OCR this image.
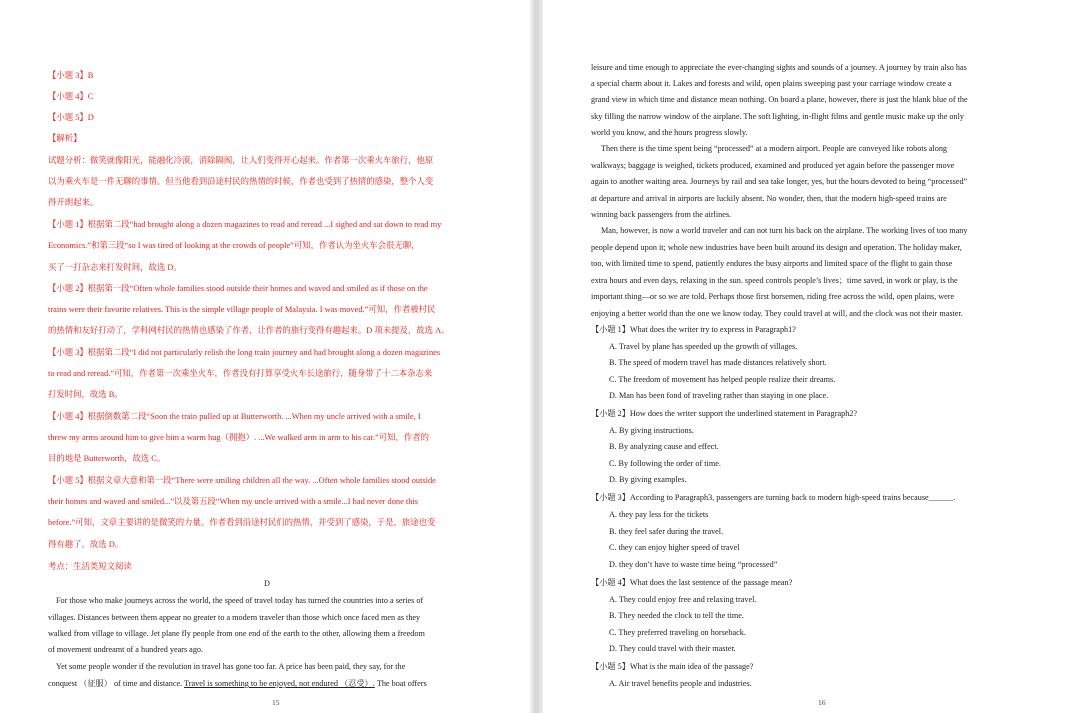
【小题 3】B
【小题 4】C
【小题 5】D
【解析】
试题分析：微笑就像阳光，能融化冷漠，消除隔阂，让人们变得开心起来。作者第一次乘火车旅行，他原
以为乘火车是一件无聊的事情。但当他看到沿途村民的热情的时候，作者也受到了热情的感染，整个人变
得开朗起来。
【小题 1】根据第二段“had brought along a dozen magazines to read and reread ...I sighed and sat down to read my
Economics.”和第三段“so I was tired of looking at the crowds of people”可知，作者认为坐火车会很无聊，
买了一打杂志来打发时间，故选 D。
【小题 2】根据第一段“Often whole families stood outside their homes and waved and smiled as if those on the
trains were their favorite relatives. This is the simple village people of Malaysia. I was moved.”可知，作者被村民
的热情和友好打动了，学科网村民的热情也感染了作者，让作者的旅行变得有趣起来。D 项未提及，故选 A。
【小题 3】根据第二段“I did not particularly relish the long train journey and had brought along a dozen magazines
to read and reread.”可知，作者第一次乘坐火车，作者没有打算享受火车长途旅行，随身带了十二本杂志来
打发时间，故选 B。
【小题 4】根据倒数第二段“Soon the train pulled up at Butterworth. ...When my uncle arrived with a smile, I
threw my arms around him to give him a warm hug（拥抱）. ...We walked arm in arm to his car.”可知，作者的
目的地是 Butterworth，故选 C。
【小题 5】根据文章大意和第一段“There were smiling children all the way. ...Often whole families stood outside
their homes and waved and smiled...”以及第五段“When my uncle arrived with a smile...I had never done this
before.”可知，文章主要讲的是微笑的力量。作者看到沿途村民们的热情，并受到了感染，于是，旅途也变
得有趣了。故选 D。
考点：生活类短文阅读
D
For those who make journeys across the world, the speed of travel today has turned the countries into a series of
villages. Distances between them appear no greater to a modern traveler than those which once faced men as they
walked from village to village. Jet plane fly people from one end of the earth to the other, allowing them a freedom
of movement undreamt of a hundred years ago.
Yet some people wonder if the revolution in travel has gone too far. A price has been paid, they say, for the
conquest （征服） of time and distance. Travel is something to be enjoyed, not endured （忍受）. The boat offers
15
leisure and time enough to appreciate the ever-changing sights and sounds of a journey. A journey by train also has
a special charm about it. Lakes and forests and wild, open plains sweeping past your carriage window create a
grand view in which time and distance mean nothing. On board a plane, however, there is just the blank blue of the
sky filling the narrow window of the airplane. The soft lighting, in-flight films and gentle music make up the only
world you know, and the hours progress slowly.
Then there is the time spent being “processed” at a modern airport. People are conveyed like robots along
walkways; baggage is weighed, tickets produced, examined and produced yet again before the passenger move
again to another waiting area. Journeys by rail and sea take longer, yes, but the hours devoted to being “processed”
at departure and arrival in airports are luckily absent. No wonder, then, that the modern high-speed trains are
winning back passengers from the airlines.
Man, however, is now a world traveler and can not turn his back on the airplane. The working lives of too many
people depend upon it; whole new industries have been built around its design and operation. The holiday maker,
too, with limited time to spend, patiently endures the busy airports and limited space of the flight to gain those
extra hours and even days, relaxing in the sun. speed controls people’s lives；time saved, in work or play, is the
important thing—or so we are told. Perhaps those first horsemen, riding free across the wild, open plains, were
enjoying a better world than the one we know today. They could travel at will, and the clock was not their master.
【小题 1】What does the writer try to express in Paragraph1?
A. Travel by plane has speeded up the growth of villages.
B. The speed of modern travel has made distances relatively short.
C. The freedom of movement has helped people realize their dreams.
D. Man has been fond of traveling rather than staying in one place.
【小题 2】How does the writer support the underlined statement in Paragraph2?
A. By giving instructions.
B. By analyzing cause and effect.
C. By following the order of time.
D. By giving examples.
【小题 3】According to Paragraph3, passengers are turning back to modern high-speed trains because______.
A. they pay less for the tickets
B. they feel safer during the travel.
C. they can enjoy higher speed of travel
D. they don’t have to waste time being “processed”
【小题 4】What does the last sentence of the passage mean?
A. They could enjoy free and relaxing travel.
B. They needed the clock to tell the time.
C. They preferred traveling on horseback.
D. They could travel with their master.
【小题 5】What is the main idea of the passage?
A. Air travel benefits people and industries.
16
